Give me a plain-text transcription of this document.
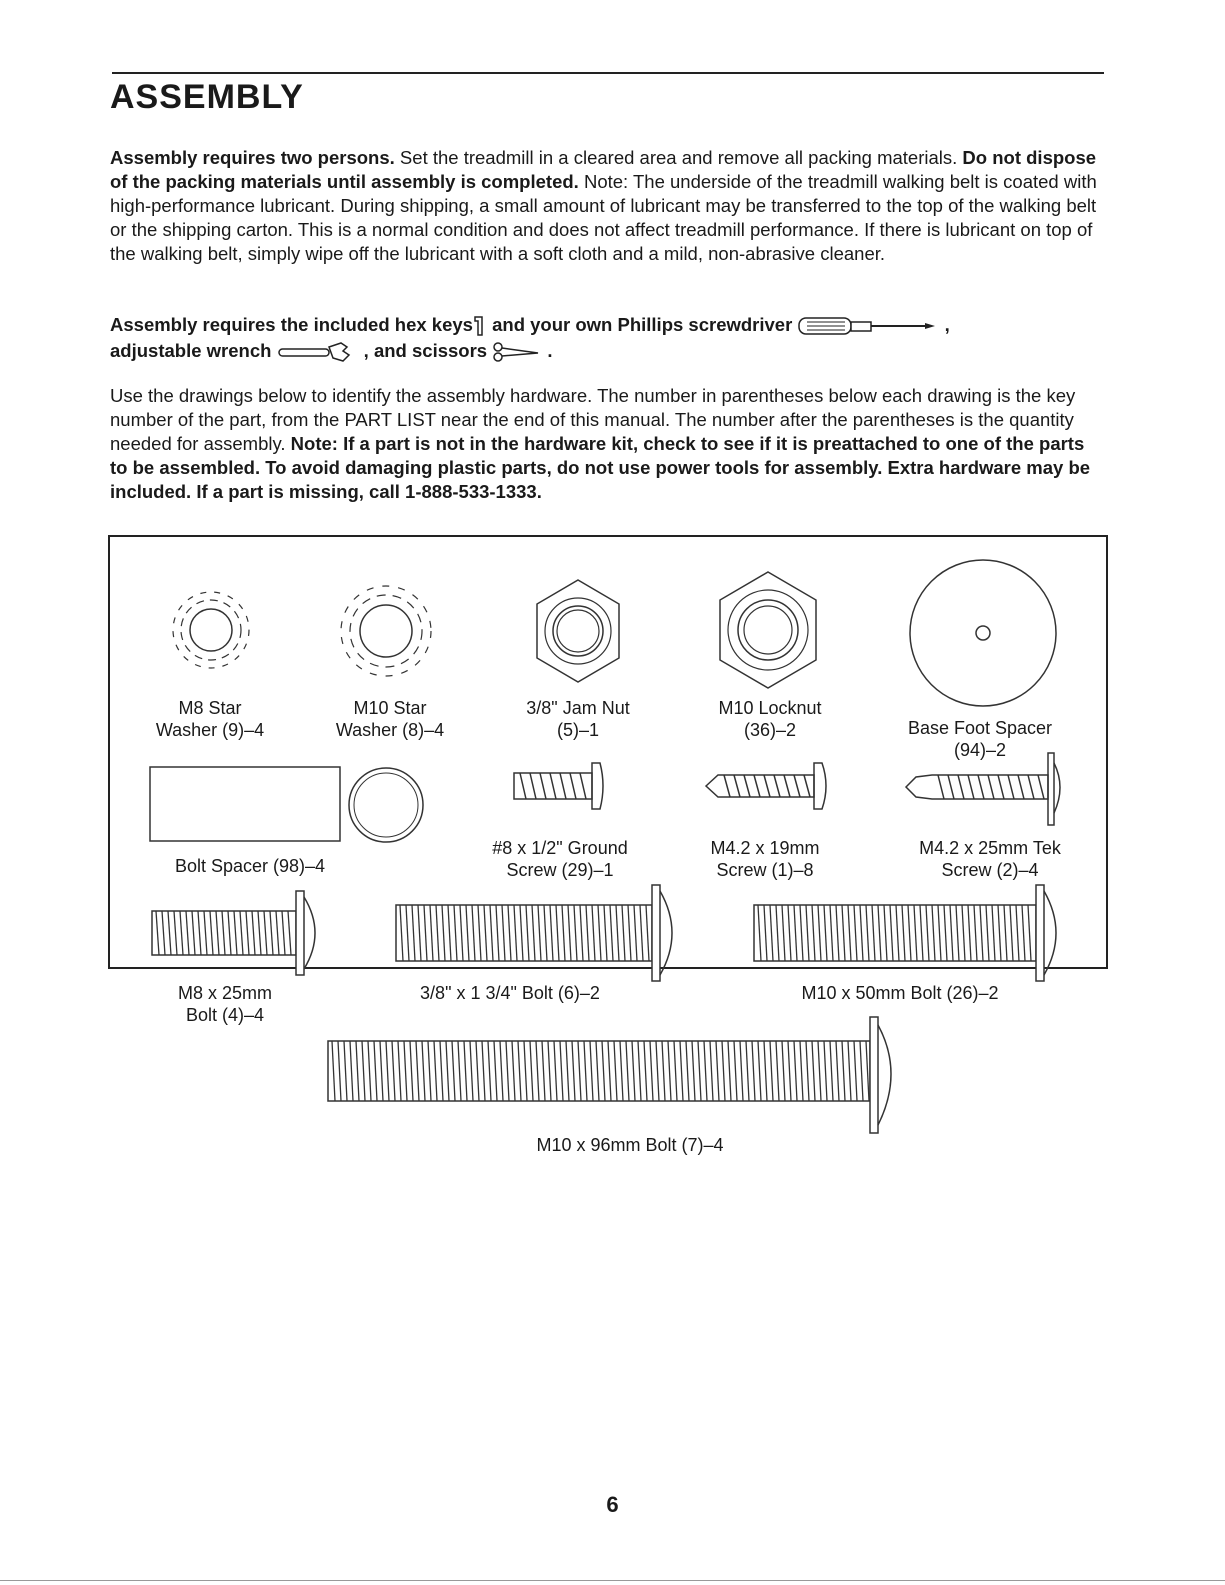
ASSEMBLY

Assembly requires two persons. Set the treadmill in a cleared area and remove all packing materials. Do not dispose of the packing materials until assembly is completed. Note: The underside of the treadmill walking belt is coated with high-performance lubricant. During shipping, a small amount of lubricant may be transferred to the top of the walking belt or the shipping carton. This is a normal condition and does not affect treadmill performance. If there is lubricant on top of the walking belt, simply wipe off the lubricant with a soft cloth and a mild, non-abrasive cleaner.

Assembly requires the included hex keys and your own Phillips screwdriver	,
adjustable wrench	, and scissors	.

Use the drawings below to identify the assembly hardware. The number in parentheses below each drawing is the key number of the part, from the PART LIST near the end of this manual. The number after the parentheses is the quantity needed for assembly. Note: If a part is not in the hardware kit, check to see if it is preattached to one of the parts to be assembled. To avoid damaging plastic parts, do not use power tools for assembly. Extra hardware may be included. If a part is missing, call 1-888-533-1333.

M8 Star
Washer (9)–4
M10 Star
Washer (8)–4
3/8" Jam Nut
(5)–1
M10 Locknut
(36)–2	Base Foot Spacer
(94)–2
Bolt Spacer (98)–4
#8 x 1/2" Ground
Screw (29)–1
M4.2 x 19mm
Screw (1)–8
M4.2 x 25mm Tek
Screw (2)–4
M8 x 25mm
Bolt (4)–4
3/8" x 1 3/4" Bolt (6)–2	M10 x 50mm Bolt (26)–2
M10 x 96mm Bolt (7)–4
6
